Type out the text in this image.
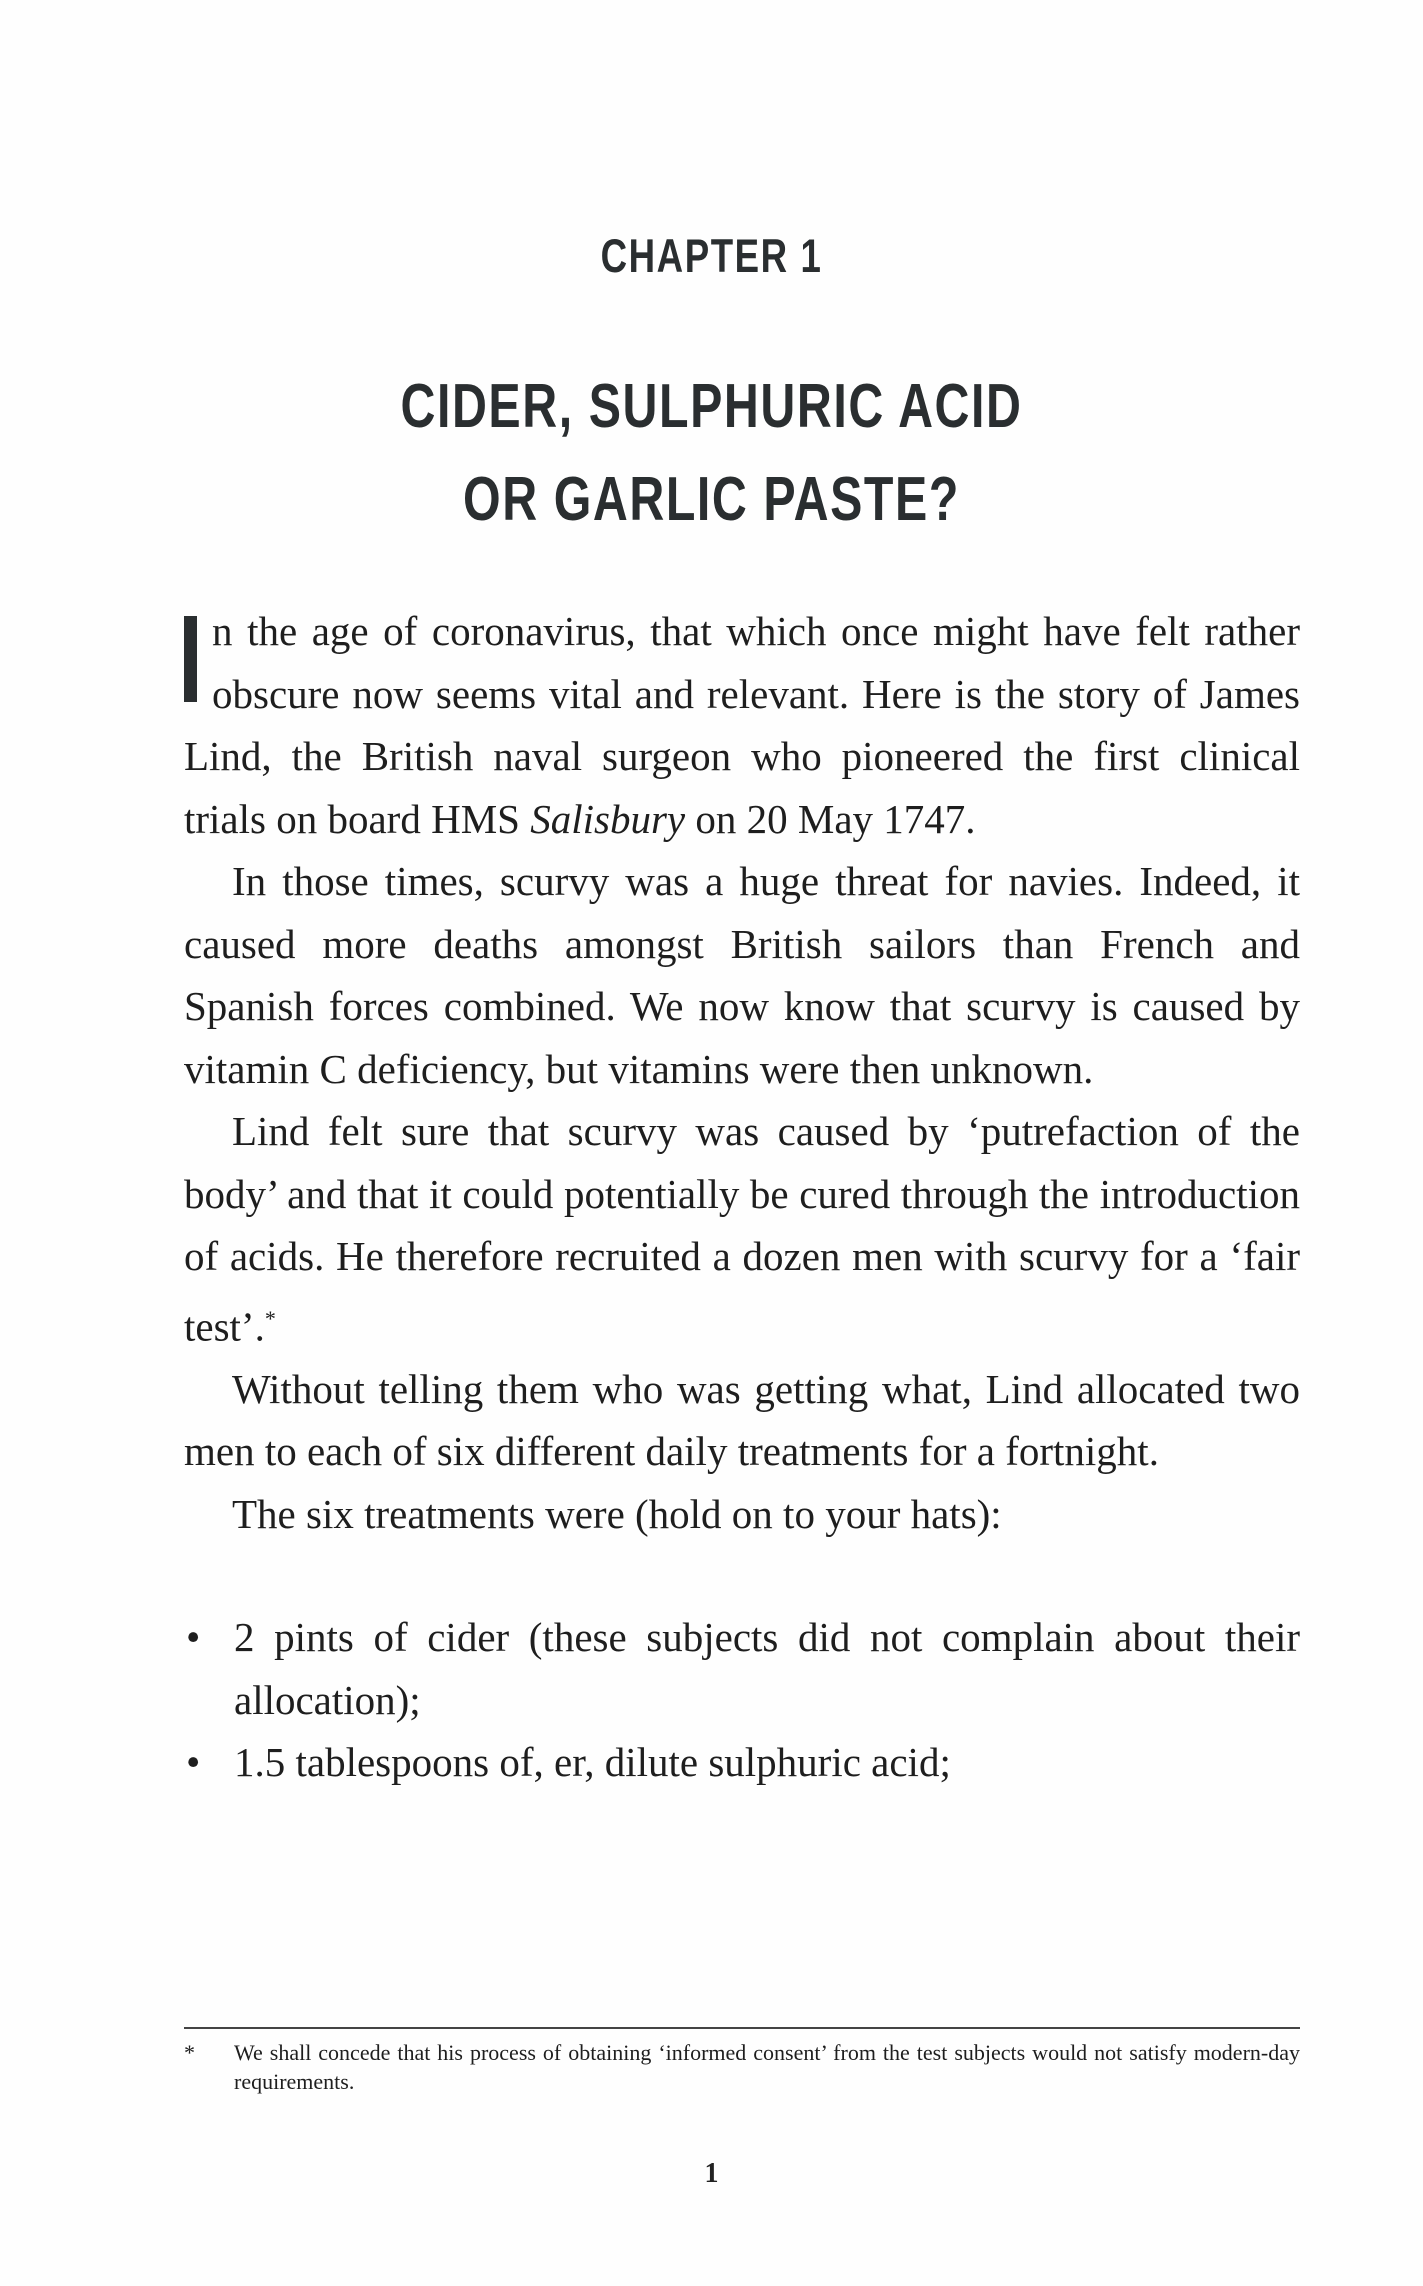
CHAPTER 1
CIDER, SULPHURIC ACID
OR GARLIC PASTE?

n the age of coronavirus, that which once might have felt rather obscure now seems vital and relevant. Here is the story of James Lind, the British naval surgeon who pioneered the first clinical trials on board HMS Salisbury on 20 May 1747.

In those times, scurvy was a huge threat for navies. Indeed, it caused more deaths amongst British sailors than French and Spanish forces combined. We now know that scurvy is caused by vitamin C deficiency, but vitamins were then unknown.

Lind felt sure that scurvy was caused by ‘putrefaction of the body’ and that it could potentially be cured through the introduction of acids. He therefore recruited a dozen men with scurvy for a ‘fair test’.*

Without telling them who was getting what, Lind allocated two men to each of six different daily treatments for a fortnight.

The six treatments were (hold on to your hats):

• 2 pints of cider (these subjects did not complain about their allocation);
• 1.5 tablespoons of, er, dilute sulphuric acid;
* We shall concede that his process of obtaining ‘informed consent’ from the test subjects would not satisfy modern-day requirements.
1
